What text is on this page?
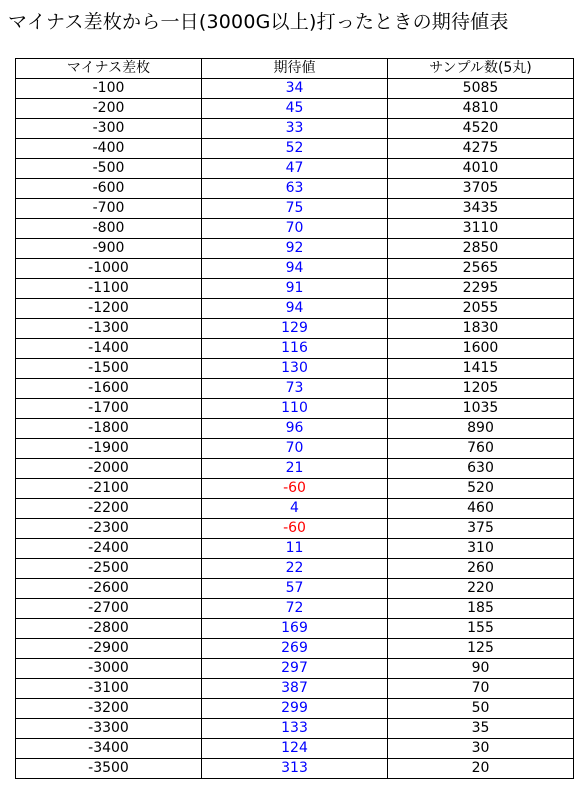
マイナス差枚から一日(3000G以上)打ったときの期待値表
マイナス差枚	期待値	サンプル数(5丸)
-100	34	5085
-200	45	4810
-300	33	4520
-400	52	4275
-500	47	4010
-600	63	3705
-700	75	3435
-800	70	3110
-900	92	2850
-1000	94	2565
-1100	91	2295
-1200	94	2055
-1300	129	1830
-1400	116	1600
-1500	130	1415
-1600	73	1205
-1700	110	1035
-1800	96	890
-1900	70	760
-2000	21	630
-2100	-60	520
-2200	4	460
-2300	-60	375
-2400	11	310
-2500	22	260
-2600	57	220
-2700	72	185
-2800	169	155
-2900	269	125
-3000	297	90
-3100	387	70
-3200	299	50
-3300	133	35
-3400	124	30
-3500	313	20
